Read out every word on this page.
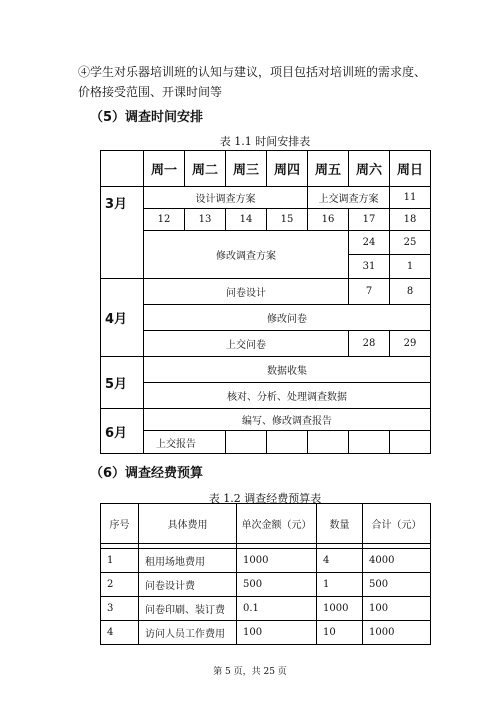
④学生对乐器培训班的认知与建议，项目包括对培训班的需求度、价格接受范围、开课时间等
（5）调查时间安排
表 1.1 时间安排表
	周一	周二	周三	周四	周五	周六	周日
3月	设计调查方案				上交调查方案		11
	12	13	14	15	16	17	18
	修改调查方案					24	25
						31	1
4月	问卷设计					7	8
	修改问卷						
	上交问卷					28	29
5月	数据收集						
	核对、分析、处理调查数据						
6月	编写、修改调查报告						
	上交报告						
（6）调查经费预算
表 1.2 调查经费预算表
序号	具体费用	单次金额（元）	数量	合计（元）

1	租用场地费用	1000	4	4000
2	问卷设计费	500	1	500
3	问卷印刷、装订费	0.1	1000	100
4	访问人员工作费用	100	10	1000
第 5 页，共 25 页
